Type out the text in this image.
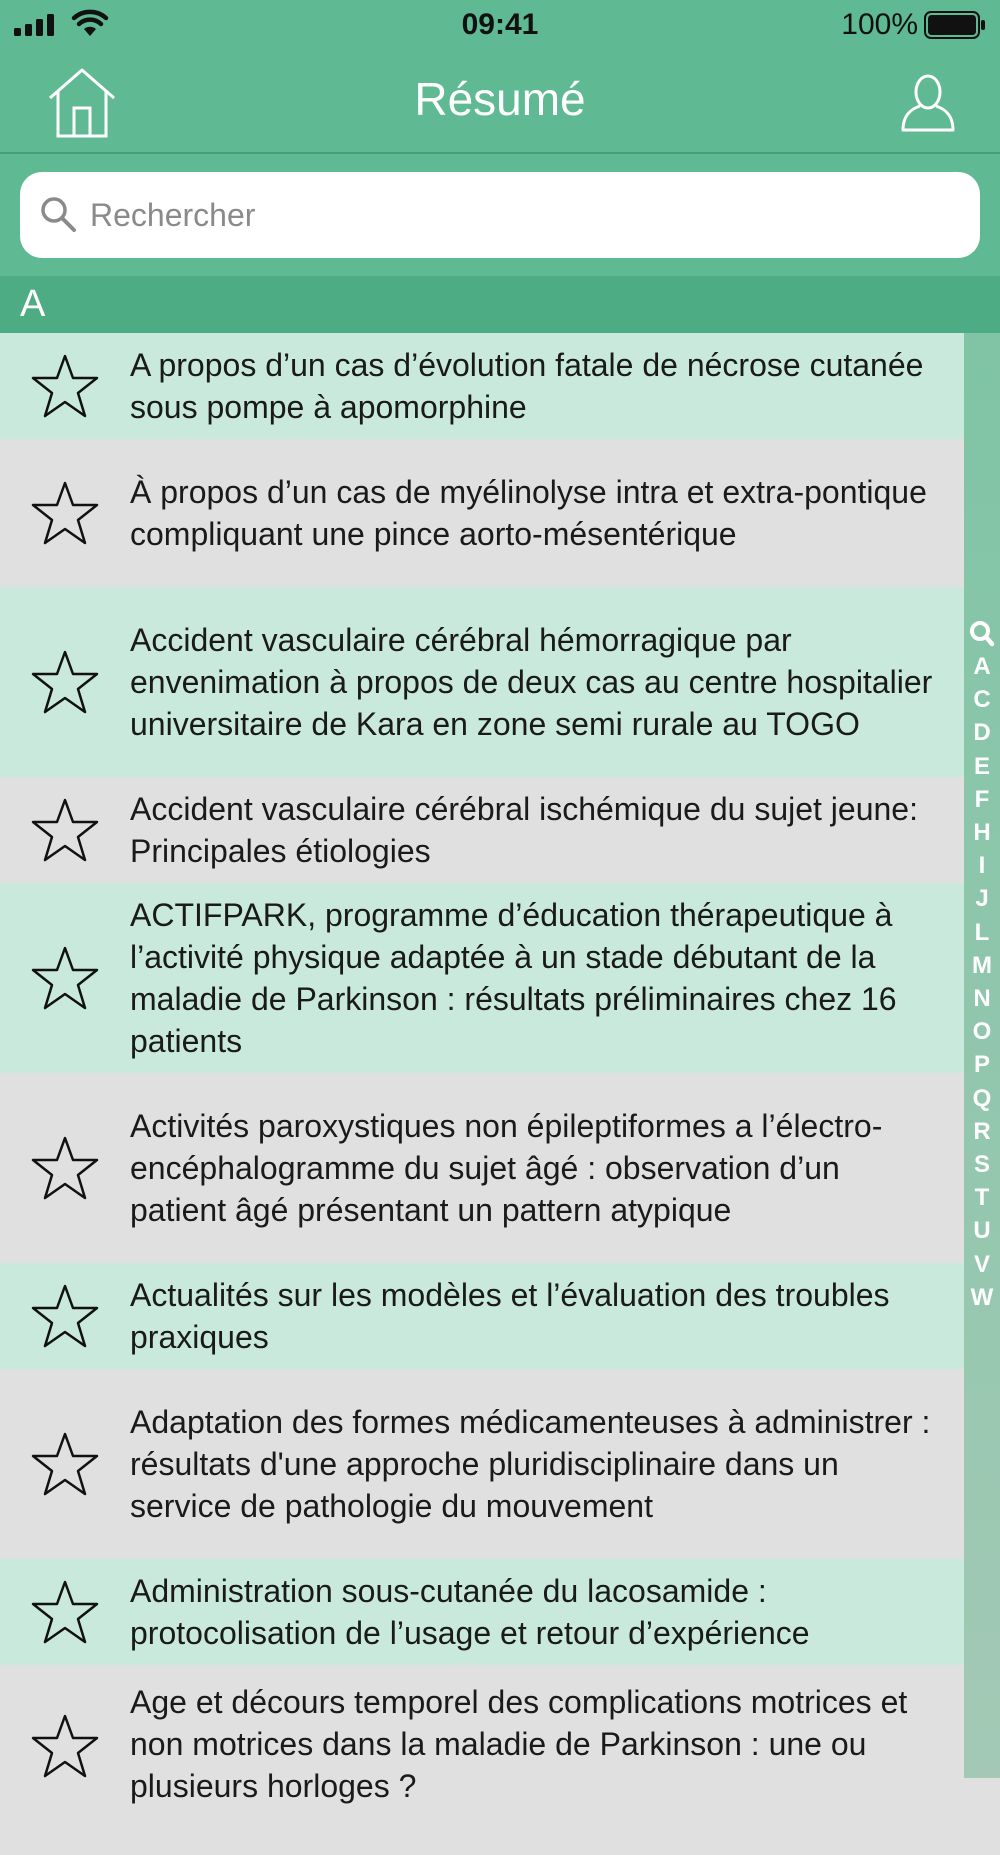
09:41	100%
Résumé
Rechercher
A
A propos d’un cas d’évolution fatale de nécrose cutanée sous pompe à apomorphine
À propos d’un cas de myélinolyse intra et extra-pontique compliquant une pince aorto-mésentérique
Accident vasculaire cérébral hémorragique par envenimation à propos de deux cas au centre hospitalier universitaire de Kara en zone semi rurale au TOGO
Accident vasculaire cérébral ischémique du sujet jeune: Principales étiologies
ACTIFPARK, programme d’éducation thérapeutique à l’activité physique adaptée à un stade débutant de la maladie de Parkinson : résultats préliminaires chez 16 patients
Activités paroxystiques non épileptiformes a l’électro-encéphalogramme du sujet âgé : observation d’un patient âgé présentant un pattern atypique
Actualités sur les modèles et l’évaluation des troubles praxiques
Adaptation des formes médicamenteuses à administrer : résultats d'une approche pluridisciplinaire dans un service de pathologie du mouvement
Administration sous-cutanée du lacosamide : protocolisation de l’usage et retour d’expérience
Age et décours temporel des complications motrices et non motrices dans la maladie de Parkinson : une ou plusieurs horloges ?
A
C
D
E
F
H
I
J
L
M
N
O
P
Q
R
S
T
U
V
W
